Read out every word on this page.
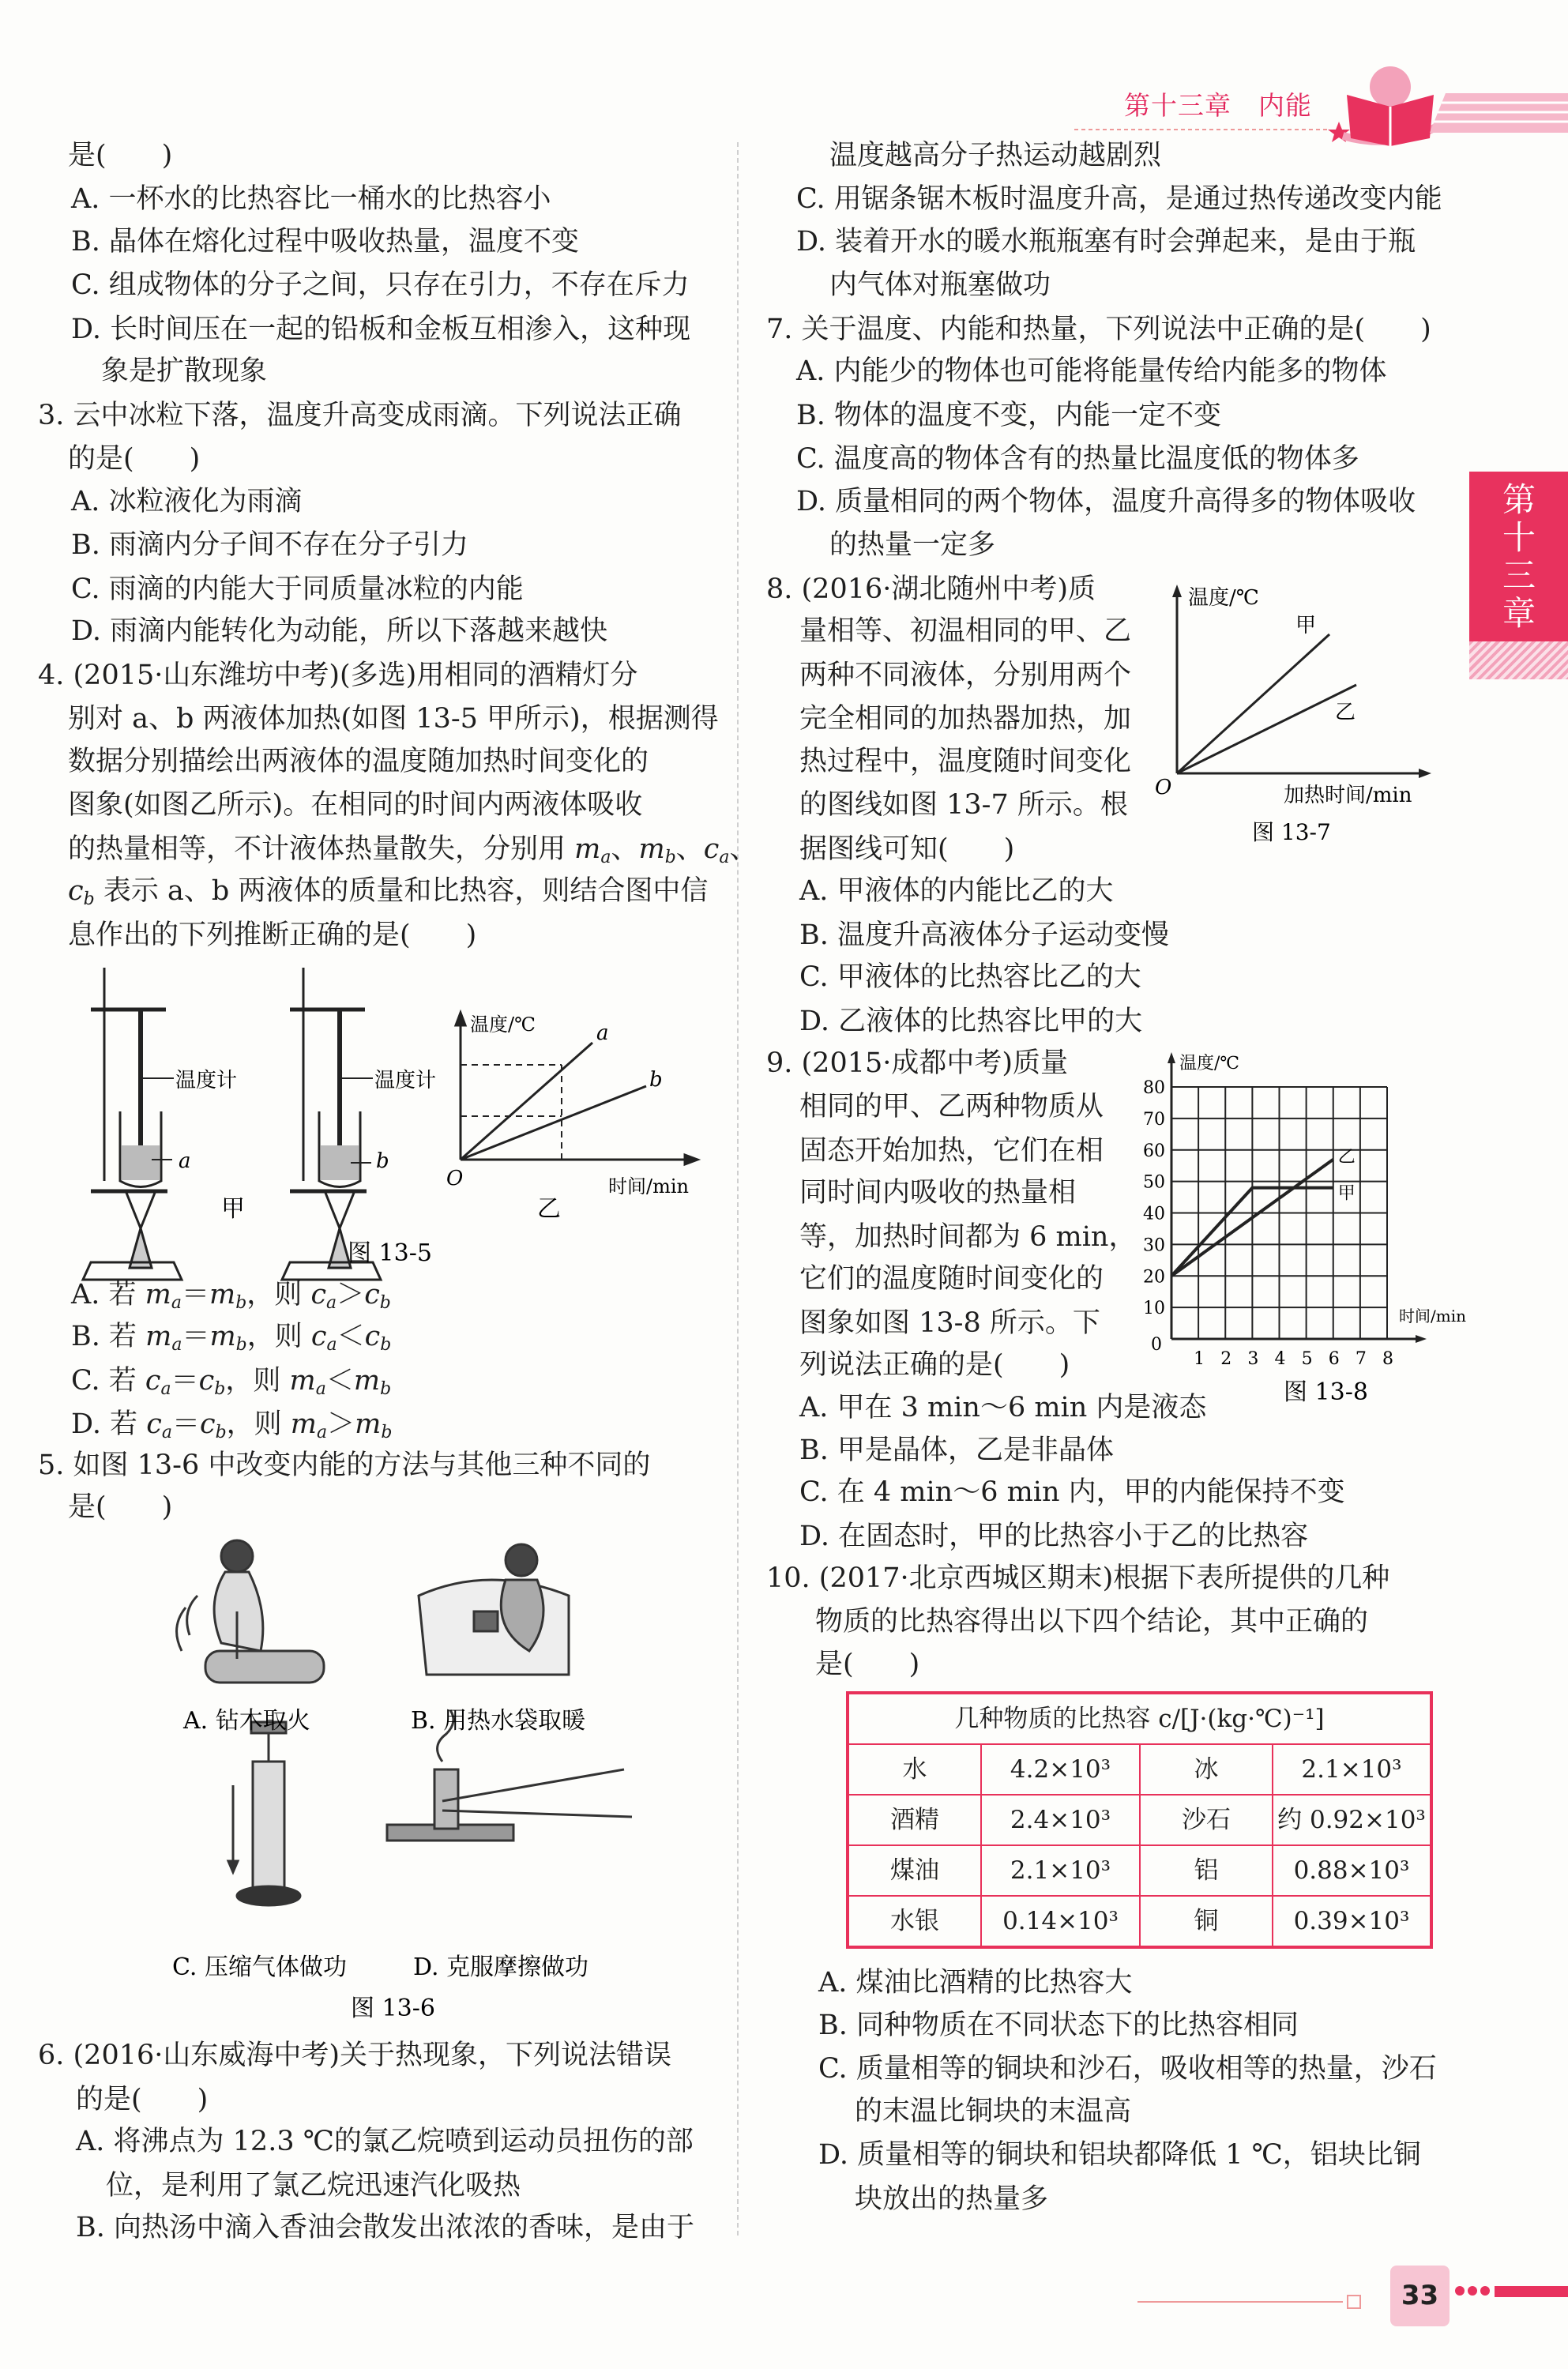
第十三章　内能
第十三章
是(　　)
A. 一杯水的比热容比一桶水的比热容小
B. 晶体在熔化过程中吸收热量，温度不变
C. 组成物体的分子之间，只存在引力，不存在斥力
D. 长时间压在一起的铅板和金板互相渗入，这种现
象是扩散现象
3. 云中冰粒下落，温度升高变成雨滴。下列说法正确
的是(　　)
A. 冰粒液化为雨滴
B. 雨滴内分子间不存在分子引力
C. 雨滴的内能大于同质量冰粒的内能
D. 雨滴内能转化为动能，所以下落越来越快
4. (2015·山东潍坊中考)(多选)用相同的酒精灯分
别对 a、b 两液体加热(如图 13-5 甲所示)，根据测得
数据分别描绘出两液体的温度随加热时间变化的
图象(如图乙所示)。在相同的时间内两液体吸收
的热量相等，不计液体热量散失，分别用 $m_a$、$m_b$、$c_a$、
$c_b$ 表示 a、b 两液体的质量和比热容，则结合图中信
息作出的下列推断正确的是(　　)
A. 若 $m_a=m_b$，则 $c_a>c_b$
B. 若 $m_a=m_b$，则 $c_a<c_b$
C. 若 $c_a=c_b$，则 $m_a<m_b$
D. 若 $c_a=c_b$，则 $m_a>m_b$
5. 如图 13-6 中改变内能的方法与其他三种不同的
是(　　)
6. (2016·山东威海中考)关于热现象，下列说法错误
的是(　　)
A. 将沸点为 12.3 ℃的氯乙烷喷到运动员扭伤的部
位，是利用了氯乙烷迅速汽化吸热
B. 向热汤中滴入香油会散发出浓浓的香味，是由于
温度越高分子热运动越剧烈
C. 用锯条锯木板时温度升高，是通过热传递改变内能
D. 装着开水的暖水瓶瓶塞有时会弹起来，是由于瓶
内气体对瓶塞做功
7. 关于温度、内能和热量，下列说法中正确的是(　　)
A. 内能少的物体也可能将能量传给内能多的物体
B. 物体的温度不变，内能一定不变
C. 温度高的物体含有的热量比温度低的物体多
D. 质量相同的两个物体，温度升高得多的物体吸收
的热量一定多
8. (2016·湖北随州中考)质
量相等、初温相同的甲、乙
两种不同液体，分别用两个
完全相同的加热器加热，加
热过程中，温度随时间变化
的图线如图 13-7 所示。根
据图线可知(　　)
A. 甲液体的内能比乙的大
B. 温度升高液体分子运动变慢
C. 甲液体的比热容比乙的大
D. 乙液体的比热容比甲的大
9. (2015·成都中考)质量
相同的甲、乙两种物质从
固态开始加热，它们在相
同时间内吸收的热量相
等，加热时间都为 6 min，
它们的温度随时间变化的
图象如图 13-8 所示。下
列说法正确的是(　　)
A. 甲在 3 min～6 min 内是液态
B. 甲是晶体，乙是非晶体
C. 在 4 min～6 min 内，甲的内能保持不变
D. 在固态时，甲的比热容小于乙的比热容
10. (2017·北京西城区期末)根据下表所提供的几种
物质的比热容得出以下四个结论，其中正确的
是(　　)
A. 煤油比酒精的比热容大
B. 同种物质在不同状态下的比热容相同
C. 质量相等的铜块和沙石，吸收相等的热量，沙石
的末温比铜块的末温高
D. 质量相等的铜块和铝块都降低 1 ℃，铝块比铜
块放出的热量多
温度计	温度计
a	b
温度/℃	a
b
O	时间/min
甲	乙
图 13-5
A. 钻木取火	B. 用热水袋取暖
C. 压缩气体做功	D. 克服摩擦做功
图 13-6
温度/℃
甲
乙
O	加热时间/min
图 13-7
1 2 3 4 5 6 7 8
0
10
20
30
40
50
60
70
80
温度/℃
时间/min
甲
乙
图 13-8
几种物质的比热容 c/[J·(kg·℃)⁻¹]			
水	4.2×10³	冰	2.1×10³
酒精	2.4×10³	沙石	约 0.92×10³
煤油	2.1×10³	铝	0.88×10³
水银	0.14×10³	铜	0.39×10³
33
